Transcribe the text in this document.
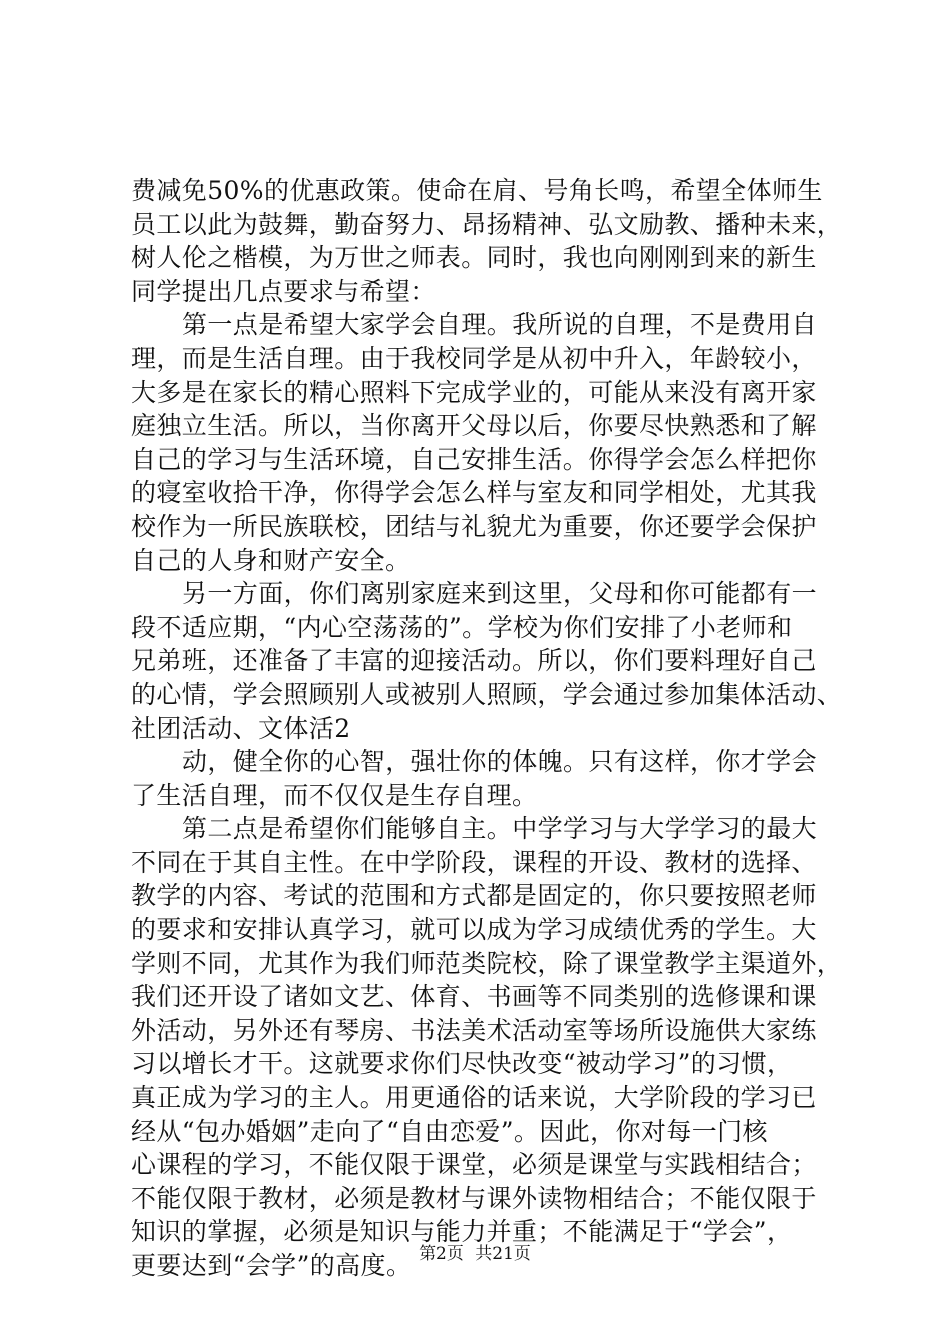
费减免50%的优惠政策。使命在肩、号角长鸣，希望全体师生
员工以此为鼓舞，勤奋努力、昂扬精神、弘文励教、播种未来，
树人伦之楷模，为万世之师表。同时，我也向刚刚到来的新生
同学提出几点要求与希望：
第一点是希望大家学会自理。我所说的自理，不是费用自
理，而是生活自理。由于我校同学是从初中升入，年龄较小，
大多是在家长的精心照料下完成学业的，可能从来没有离开家
庭独立生活。所以，当你离开父母以后，你要尽快熟悉和了解
自己的学习与生活环境，自己安排生活。你得学会怎么样把你
的寝室收拾干净，你得学会怎么样与室友和同学相处，尤其我
校作为一所民族联校，团结与礼貌尤为重要，你还要学会保护
自己的人身和财产安全。
另一方面，你们离别家庭来到这里，父母和你可能都有一
段不适应期，“内心空荡荡的”。学校为你们安排了小老师和
兄弟班，还准备了丰富的迎接活动。所以，你们要料理好自己
的心情，学会照顾别人或被别人照顾，学会通过参加集体活动、
社团活动、文体活2
动，健全你的心智，强壮你的体魄。只有这样，你才学会
了生活自理，而不仅仅是生存自理。
第二点是希望你们能够自主。中学学习与大学学习的最大
不同在于其自主性。在中学阶段，课程的开设、教材的选择、
教学的内容、考试的范围和方式都是固定的，你只要按照老师
的要求和安排认真学习，就可以成为学习成绩优秀的学生。大
学则不同，尤其作为我们师范类院校，除了课堂教学主渠道外，
我们还开设了诸如文艺、体育、书画等不同类别的选修课和课
外活动，另外还有琴房、书法美术活动室等场所设施供大家练
习以增长才干。这就要求你们尽快改变“被动学习”的习惯，
真正成为学习的主人。用更通俗的话来说，大学阶段的学习已
经从“包办婚姻”走向了“自由恋爱”。因此，你对每一门核
心课程的学习，不能仅限于课堂，必须是课堂与实践相结合；
不能仅限于教材，必须是教材与课外读物相结合；不能仅限于
知识的掌握，必须是知识与能力并重；不能满足于“学会”，
更要达到“会学”的高度。 第2页 共21页
